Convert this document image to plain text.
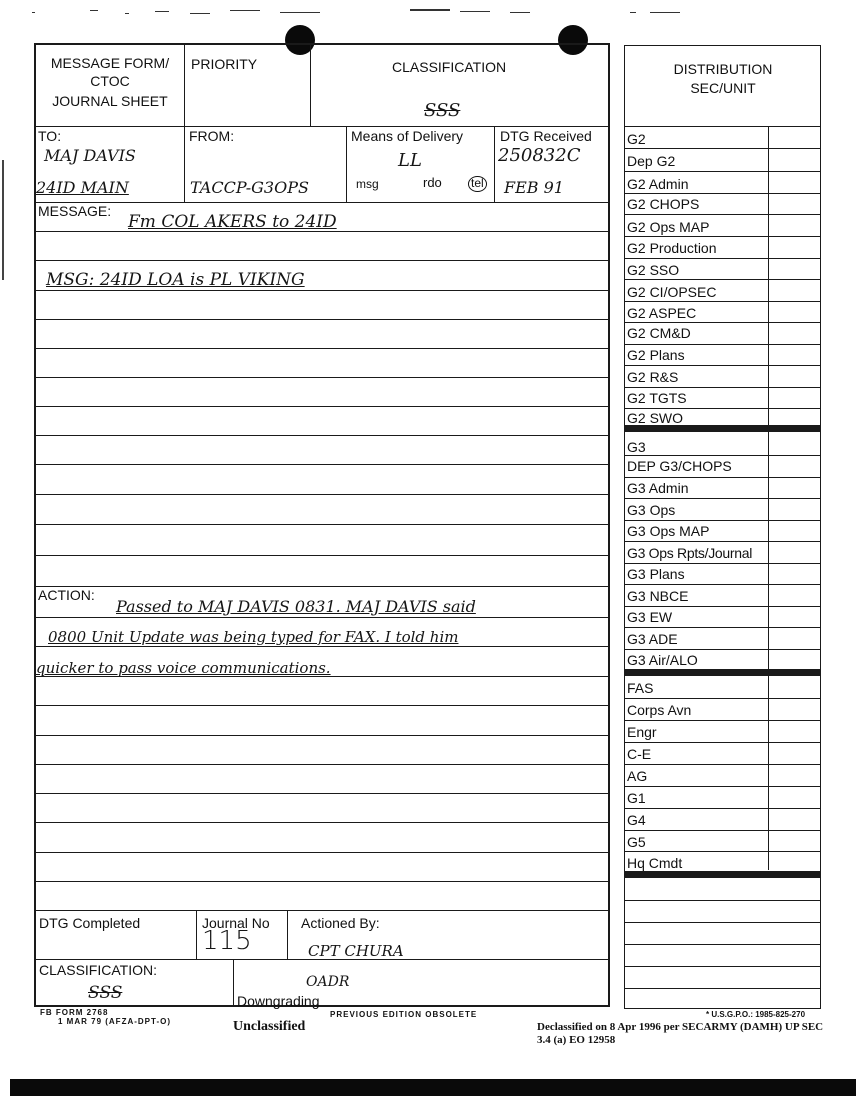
MESSAGE FORM/
CTOC
JOURNAL SHEET
PRIORITY	CLASSIFICATION
SSS
TO:
MAJ DAVIS
24ID MAIN
FROM:
TACCP-G3OPS
Means of Delivery
LL
msg	rdo tel
DTG Received
250832C
FEB 91
MESSAGE:
Fm COL AKERS to 24ID
MSG: 24ID LOA is PL VIKING
ACTION:
Passed to MAJ DAVIS 0831. MAJ DAVIS said
0800 Unit Update was being typed for FAX. I told him
quicker to pass voice communications.
DTG Completed	Journal No
115
Actioned By:
CPT CHURA
CLASSIFICATION:
SSS
OADR
Downgrading
FB FORM 2768
1 MAR 79 (AFZA-DPT-O)
PREVIOUS EDITION OBSOLETE	* U.S.G.P.O.: 1985-825-270
Unclassified	Declassified on 8 Apr 1996 per SECARMY (DAMH) UP SEC
3.4 (a) EO 12958
DISTRIBUTION
SEC/UNIT
G2
Dep G2
G2 Admin
G2 CHOPS
G2 Ops MAP
G2 Production
G2 SSO
G2 CI/OPSEC
G2 ASPEC
G2 CM&D
G2 Plans
G2 R&S
G2 TGTS
G2 SWO
G3
DEP G3/CHOPS
G3 Admin
G3 Ops
G3 Ops MAP
G3 Ops Rpts/Journal
G3 Plans
G3 NBCE
G3 EW
G3 ADE
G3 Air/ALO
FAS
Corps Avn
Engr
C-E
AG
G1
G4
G5
Hq Cmdt
